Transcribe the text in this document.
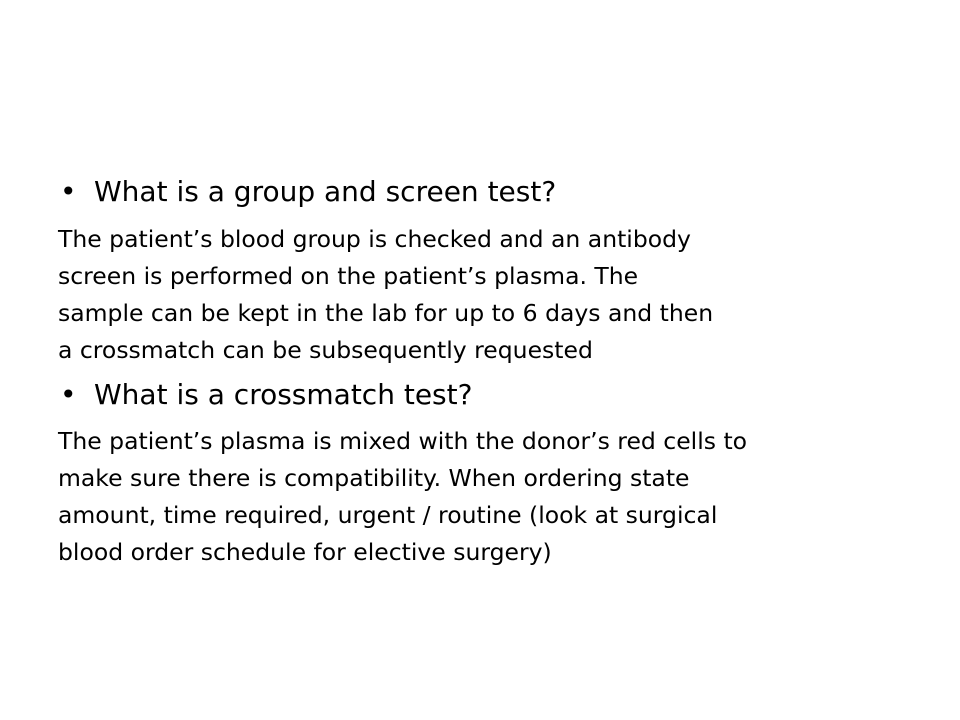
• What is a group and screen test?
The patient’s blood group is checked and an antibody
screen is performed on the patient’s plasma. The
sample can be kept in the lab for up to 6 days and then
a crossmatch can be subsequently requested
• What is a crossmatch test?
The patient’s plasma is mixed with the donor’s red cells to
make sure there is compatibility. When ordering state
amount, time required, urgent / routine (look at surgical
blood order schedule for elective surgery)
